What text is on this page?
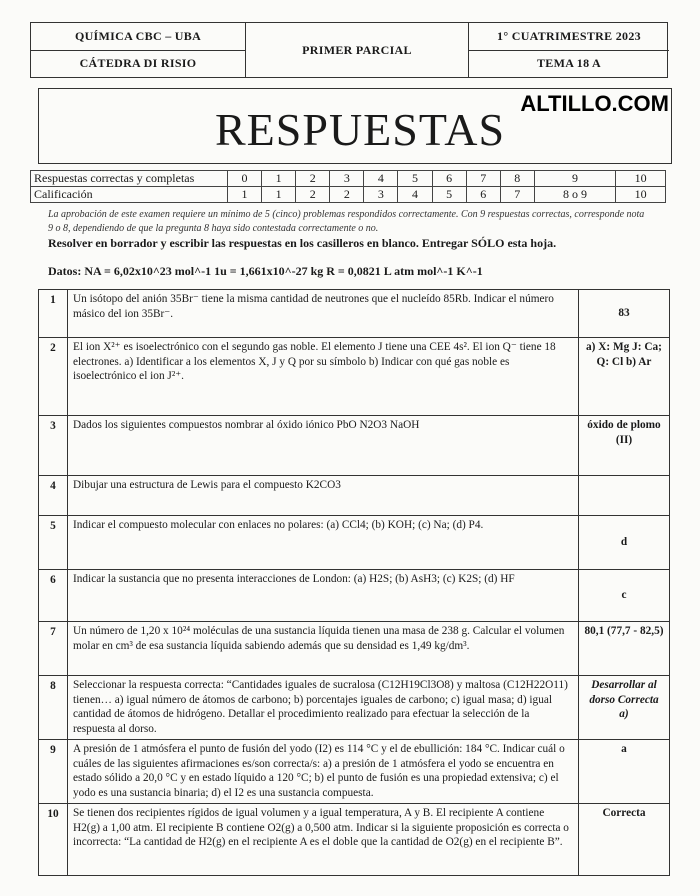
QUÍMICA CBC – UBA
CÁTEDRA DI RISIO
PRIMER PARCIAL
1° CUATRIMESTRE 2023
TEMA 18 A
RESPUESTAS
ALTILLO.COM
Respuestas correctas y completas	0	1	2	3	4	5	6	7	8	9	10
Calificación	1	1	2	2	3	4	5	6	7	8 o 9	10
La aprobación de este examen requiere un mínimo de 5 (cinco) problemas respondidos correctamente. Con 9 respuestas correctas, corresponde nota 9 o 8, dependiendo de que la pregunta 8 haya sido contestada correctamente o no.
Resolver en borrador y escribir las respuestas en los casilleros en blanco. Entregar SÓLO esta hoja.
Datos: NA = 6,02x10^23 mol^-1 1u = 1,661x10^-27 kg R = 0,0821 L atm mol^-1 K^-1
1	Un isótopo del anión 35Br⁻ tiene la misma cantidad de neutrones que el nucleído 85Rb. Indicar el número másico del ion 35Br⁻.	83
2	El ion X²⁺ es isoelectrónico con el segundo gas noble. El elemento J tiene una CEE 4s². El ion Q⁻ tiene 18 electrones. a) Identificar a los elementos X, J y Q por su símbolo b) Indicar con qué gas noble es isoelectrónico el ion J²⁺.	a) X: Mg J: Ca; Q: Cl b) Ar
3	Dados los siguientes compuestos nombrar al óxido iónico PbO N2O3 NaOH	óxido de plomo (II)
4	Dibujar una estructura de Lewis para el compuesto K2CO3	
5	Indicar el compuesto molecular con enlaces no polares: (a) CCl4; (b) KOH; (c) Na; (d) P4.	d
6	Indicar la sustancia que no presenta interacciones de London: (a) H2S; (b) AsH3; (c) K2S; (d) HF	c
7	Un número de 1,20 x 10²⁴ moléculas de una sustancia líquida tienen una masa de 238 g. Calcular el volumen molar en cm³ de esa sustancia líquida sabiendo además que su densidad es 1,49 kg/dm³.	80,1 (77,7 - 82,5)
8	Seleccionar la respuesta correcta: “Cantidades iguales de sucralosa (C12H19Cl3O8) y maltosa (C12H22O11) tienen… a) igual número de átomos de carbono; b) porcentajes iguales de carbono; c) igual masa; d) igual cantidad de átomos de hidrógeno. Detallar el procedimiento realizado para efectuar la selección de la respuesta al dorso.	Desarrollar al dorso Correcta a)
9	A presión de 1 atmósfera el punto de fusión del yodo (I2) es 114 °C y el de ebullición: 184 °C. Indicar cuál o cuáles de las siguientes afirmaciones es/son correcta/s: a) a presión de 1 atmósfera el yodo se encuentra en estado sólido a 20,0 °C y en estado líquido a 120 °C; b) el punto de fusión es una propiedad extensiva; c) el yodo es una sustancia binaria; d) el I2 es una sustancia compuesta.	a
10	Se tienen dos recipientes rígidos de igual volumen y a igual temperatura, A y B. El recipiente A contiene H2(g) a 1,00 atm. El recipiente B contiene O2(g) a 0,500 atm. Indicar si la siguiente proposición es correcta o incorrecta: “La cantidad de H2(g) en el recipiente A es el doble que la cantidad de O2(g) en el recipiente B”.	Correcta
